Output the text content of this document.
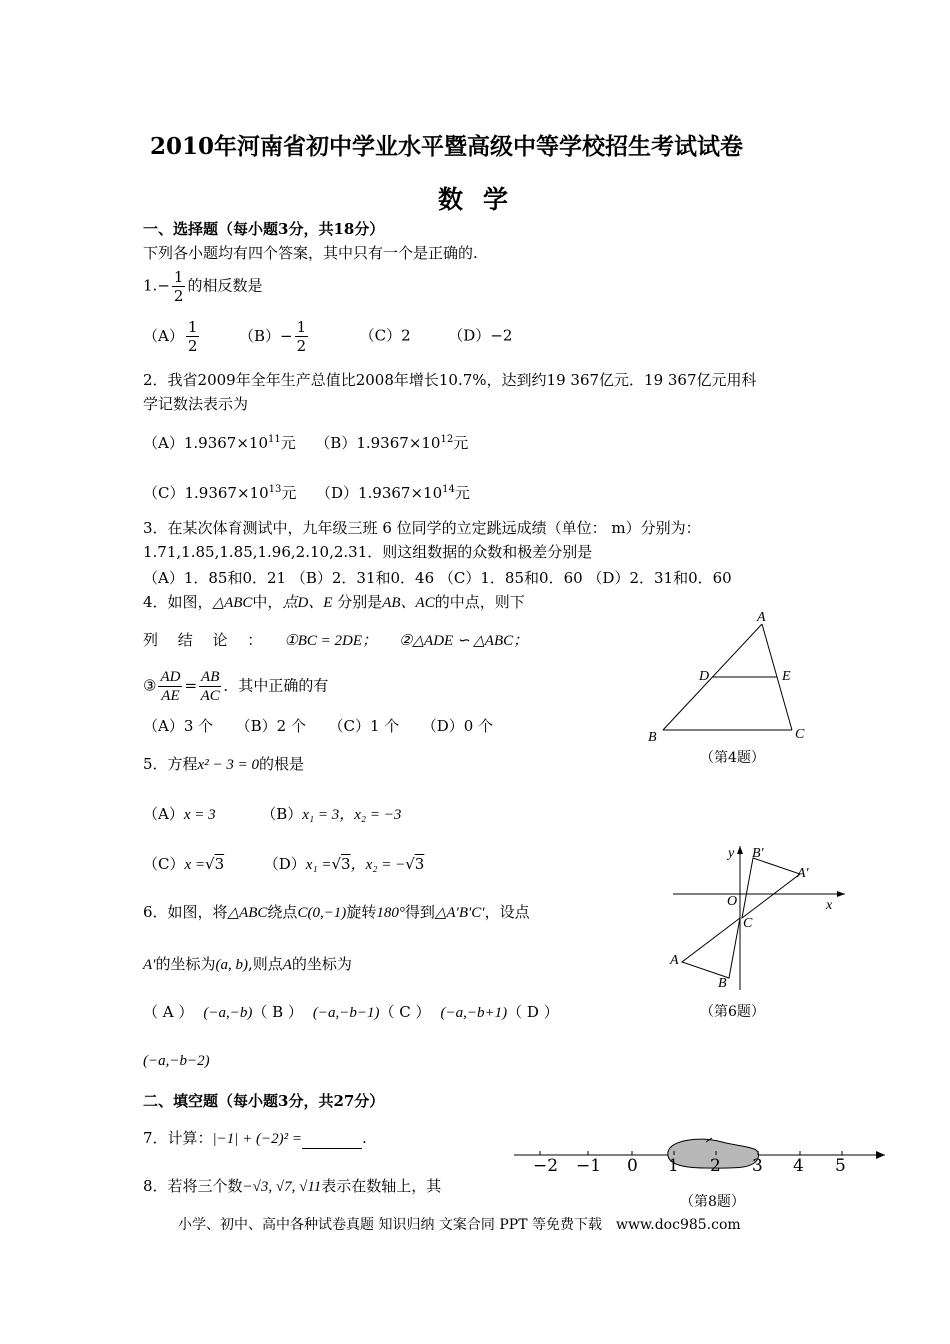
2010年河南省初中学业水平暨高级中等学校招生考试试卷
数学
一、选择题（每小题3分，共18分）
下列各小题均有四个答案，其中只有一个是正确的.
$1.- \frac{1}{2}$ 的相反数是
$(A) \frac{1}{2}$	$(B)- \frac{1}{2}$	（C）2	（D）−2
2．我省2009年全年生产总值比2008年增长10.7%，达到约19 367亿元．19 367亿元用科
学记数法表示为
$(A)1.9367\times 10^{11}$元 $(B)1.9367\times 10^{12}$元
$(C)1.9367\times 10^{13}$元 $(D)1.9367\times 10^{14}$元
3．在某次体育测试中，九年级三班 6 位同学的立定跳远成绩（单位： m）分别为：
1.71,1.85,1.85,1.96,2.10,2.31．则这组数据的众数和极差分别是
（A）1．85和0．21 （B）2．31和0．46 （C）1．85和0．60 （D）2．31和0．60
4．如图，△ABC中，点D、E 分别是AB、AC的中点，则下
列　 结　 论　 ： ①BC = 2DE； ②△ADE ∽ △ABC；
③ $\frac{AD}{AE} = \frac{AB}{AC}$ ．其中正确的有
（A）3 个　　（B）2 个　　（C）1 个　　（D）0 个
A
D	E
B	C
（第4题）
5．方程x² − 3 = 0的根是
（A）x = 3	（B）x₁ = 3，x₂ = −3
（C）x =√3	（D）x₁ =√3，x₂ = −√3
6．如图，将△ABC绕点C(0,−1)旋转180°得到△A′B′C′，设点
A′的坐标为(a, b),则点A的坐标为
（ A ） (−a,−b)（ B ） (−a,−b−1)（ C ） (−a,−b+1)（ D ）
(−a,−b−2)
y
x
B′
A′
O
C
A
B
（第6题）
二、填空题（每小题3分，共27分）
7．计算：|−1| + (−2)² =	.
8．若将三个数−√3, √7, √11表示在数轴上，其
−2 −1 0 1 2 3 4 5
（第8题）
小学、初中、高中各种试卷真题 知识归纳 文案合同 PPT 等免费下载　www.doc985.com
